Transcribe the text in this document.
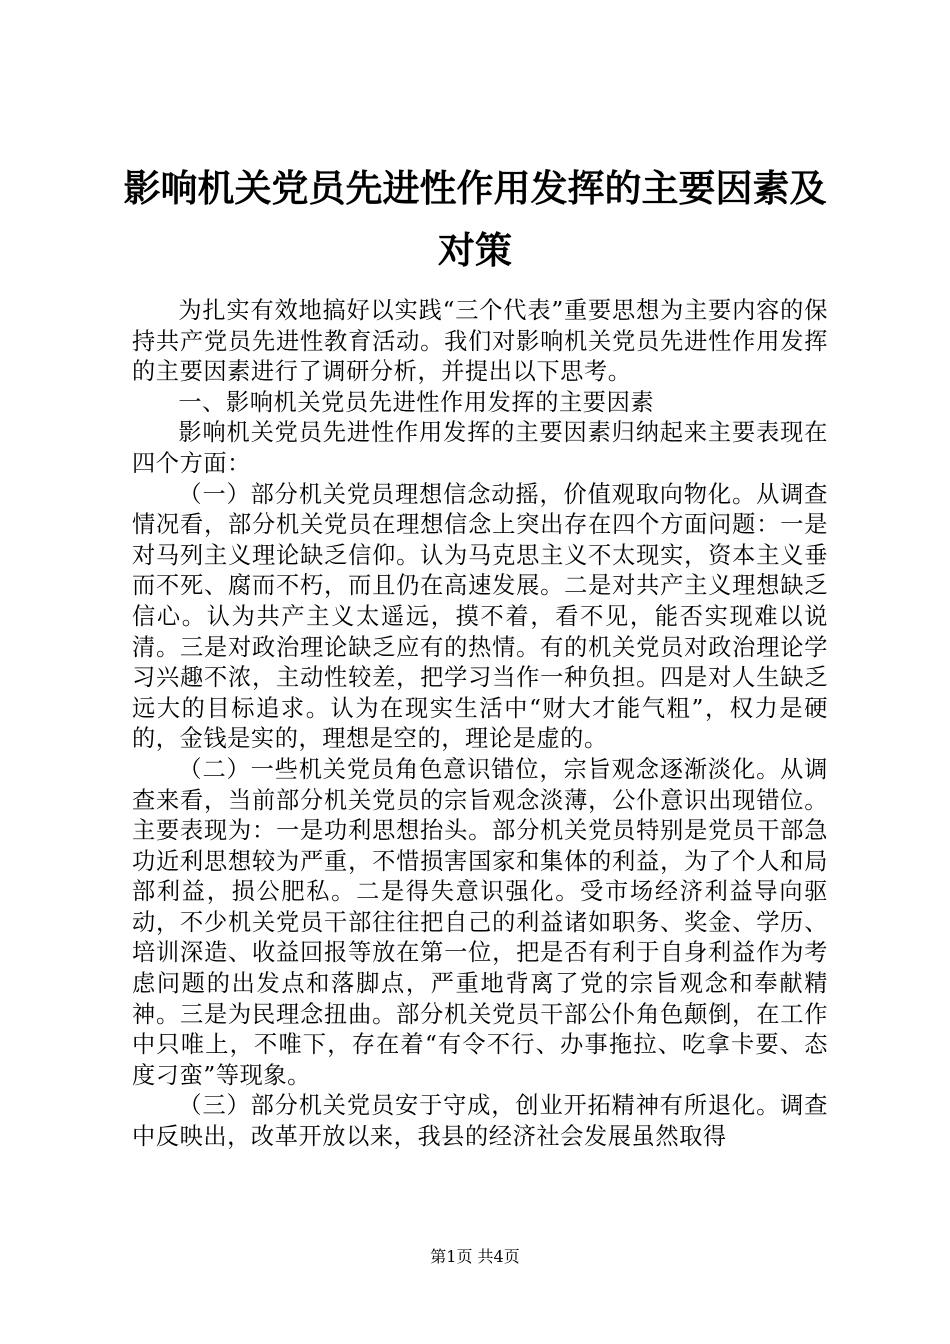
影响机关党员先进性作用发挥的主要因素及对策

为扎实有效地搞好以实践“三个代表”重要思想为主要内容的保持共产党员先进性教育活动。我们对影响机关党员先进性作用发挥的主要因素进行了调研分析，并提出以下思考。

一、影响机关党员先进性作用发挥的主要因素

影响机关党员先进性作用发挥的主要因素归纳起来主要表现在四个方面：

（一）部分机关党员理想信念动摇，价值观取向物化。从调查情况看，部分机关党员在理想信念上突出存在四个方面问题：一是对马列主义理论缺乏信仰。认为马克思主义不太现实，资本主义垂而不死、腐而不朽，而且仍在高速发展。二是对共产主义理想缺乏信心。认为共产主义太遥远，摸不着，看不见，能否实现难以说清。三是对政治理论缺乏应有的热情。有的机关党员对政治理论学习兴趣不浓，主动性较差，把学习当作一种负担。四是对人生缺乏远大的目标追求。认为在现实生活中“财大才能气粗”，权力是硬的，金钱是实的，理想是空的，理论是虚的。

（二）一些机关党员角色意识错位，宗旨观念逐渐淡化。从调查来看，当前部分机关党员的宗旨观念淡薄，公仆意识出现错位。主要表现为：一是功利思想抬头。部分机关党员特别是党员干部急功近利思想较为严重，不惜损害国家和集体的利益，为了个人和局部利益，损公肥私。二是得失意识强化。受市场经济利益导向驱动，不少机关党员干部往往把自己的利益诸如职务、奖金、学历、培训深造、收益回报等放在第一位，把是否有利于自身利益作为考虑问题的出发点和落脚点，严重地背离了党的宗旨观念和奉献精神。三是为民理念扭曲。部分机关党员干部公仆角色颠倒，在工作中只唯上，不唯下，存在着“有令不行、办事拖拉、吃拿卡要、态度刁蛮”等现象。

（三）部分机关党员安于守成，创业开拓精神有所退化。调查中反映出，改革开放以来，我县的经济社会发展虽然取得

第1页 共4页
